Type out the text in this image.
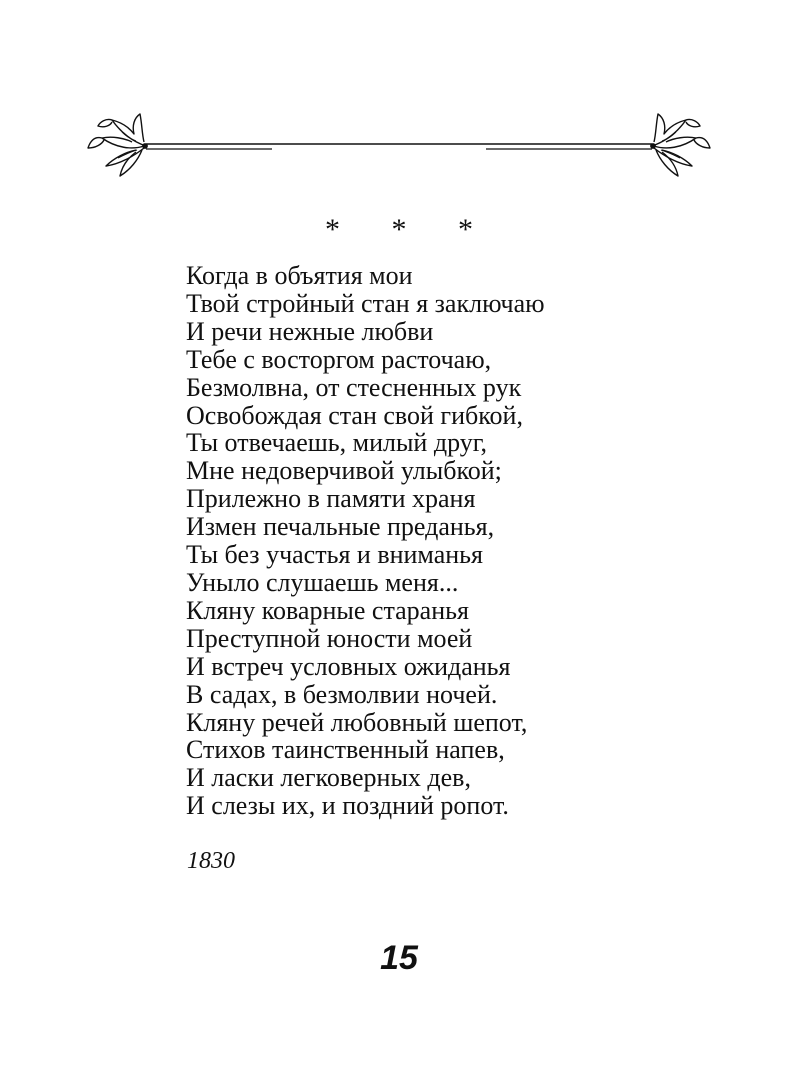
* * *
Когда в объятия мои
Твой стройный стан я заключаю
И речи нежные любви
Тебе с восторгом расточаю,
Безмолвна, от стесненных рук
Освобождая стан свой гибкой,
Ты отвечаешь, милый друг,
Мне недоверчивой улыбкой;
Прилежно в памяти храня
Измен печальные преданья,
Ты без участья и вниманья
Уныло слушаешь меня...
Кляну коварные старанья
Преступной юности моей
И встреч условных ожиданья
В садах, в безмолвии ночей.
Кляну речей любовный шепот,
Стихов таинственный напев,
И ласки легковерных дев,
И слезы их, и поздний ропот.
1830
15
